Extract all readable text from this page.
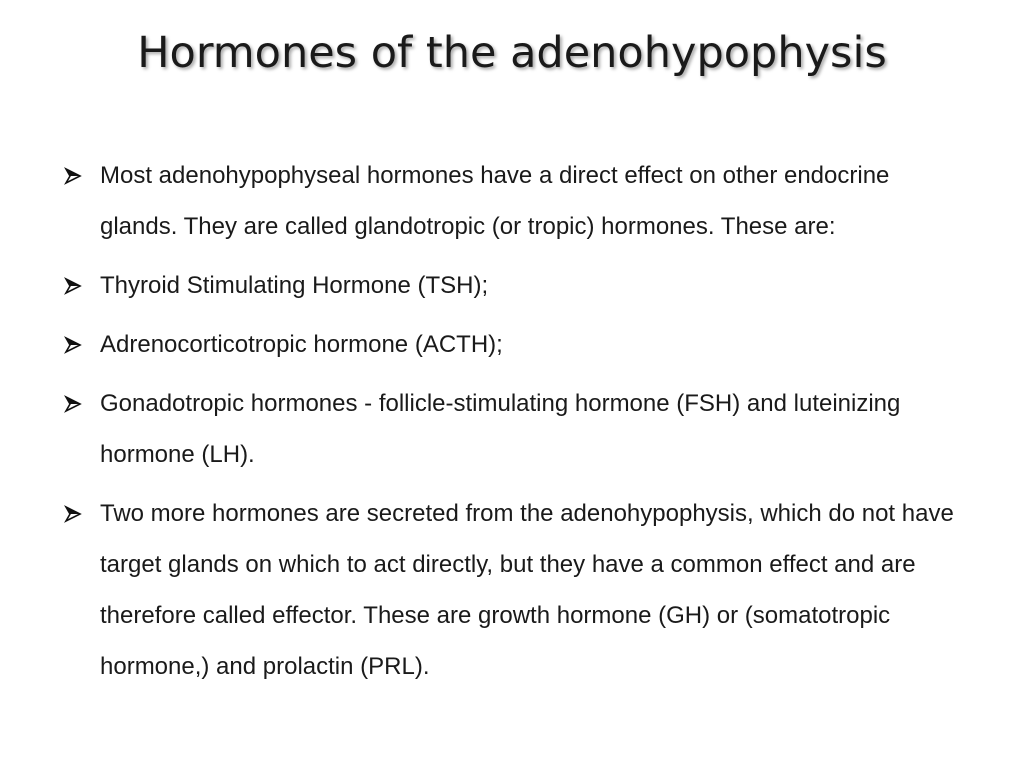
Hormones of the adenohypophysis
Most adenohypophyseal hormones have a direct effect on other endocrine glands. They are called glandotropic (or tropic) hormones. These are:
Thyroid Stimulating Hormone (TSH);
Adrenocorticotropic hormone (ACTH);
Gonadotropic hormones - follicle-stimulating hormone (FSH) and luteinizing hormone (LH).
Two more hormones are secreted from the adenohypophysis, which do not have target glands on which to act directly, but they have a common effect and are therefore called effector. These are growth hormone (GH) or (somatotropic hormone,) and prolactin (PRL).
